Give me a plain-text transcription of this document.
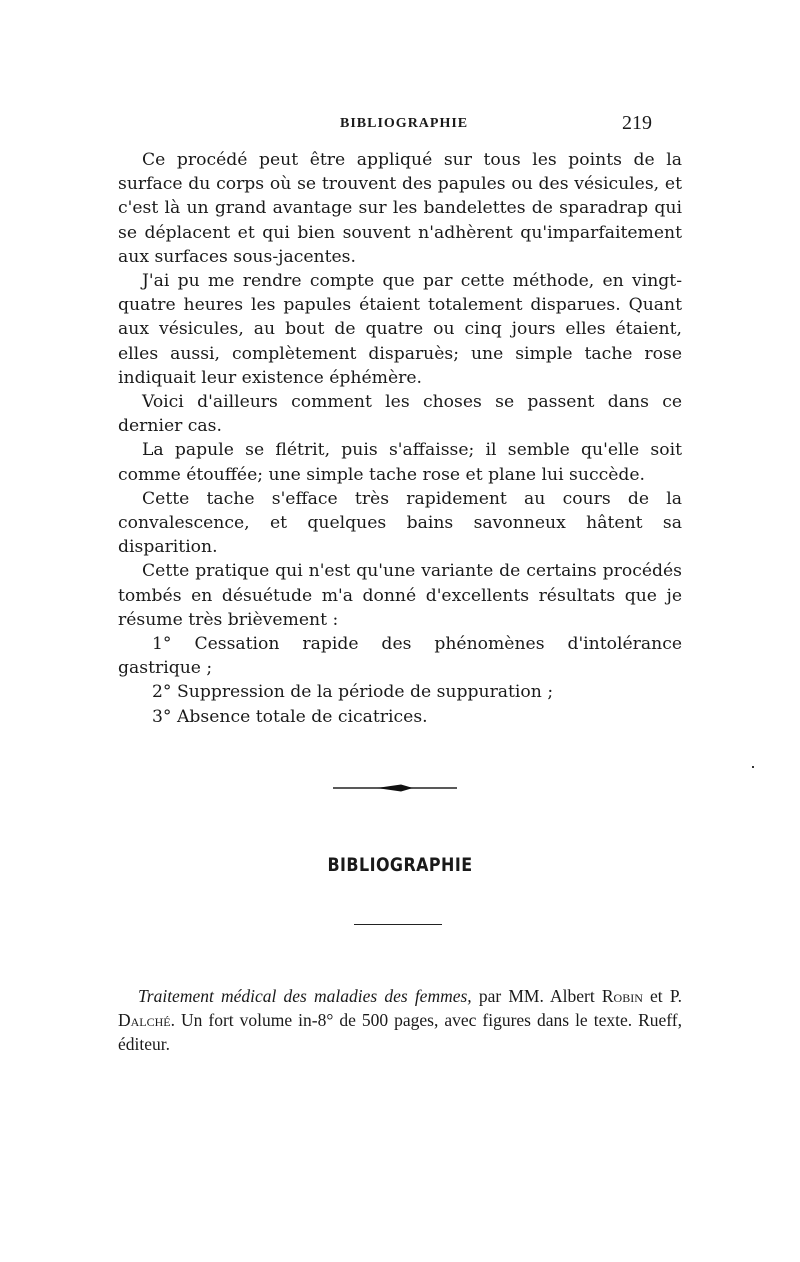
BIBLIOGRAPHIE	219

Ce procédé peut être appliqué sur tous les points de la surface du corps où se trouvent des papules ou des vésicules, et c'est là un grand avantage sur les bandelettes de sparadrap qui se déplacent et qui bien souvent n'adhèrent qu'imparfaitement aux surfaces sous-jacentes.

J'ai pu me rendre compte que par cette méthode, en vingt-quatre heures les papules étaient totalement disparues. Quant aux vésicules, au bout de quatre ou cinq jours elles étaient, elles aussi, complètement disparuès; une simple tache rose indiquait leur existence éphémère.

Voici d'ailleurs comment les choses se passent dans ce dernier cas.

La papule se flétrit, puis s'affaisse; il semble qu'elle soit comme étouffée; une simple tache rose et plane lui succède.

Cette tache s'efface très rapidement au cours de la convalescence, et quelques bains savonneux hâtent sa disparition.

Cette pratique qui n'est qu'une variante de certains procédés tombés en désuétude m'a donné d'excellents résultats que je résume très brièvement :

1° Cessation rapide des phénomènes d'intolérance gastrique ;

2° Suppression de la période de suppuration ;

3° Absence totale de cicatrices.

BIBLIOGRAPHIE

Traitement médical des maladies des femmes, par MM. Albert Robin et P. Dalché. Un fort volume in-8° de 500 pages, avec figures dans le texte. Rueff, éditeur.
